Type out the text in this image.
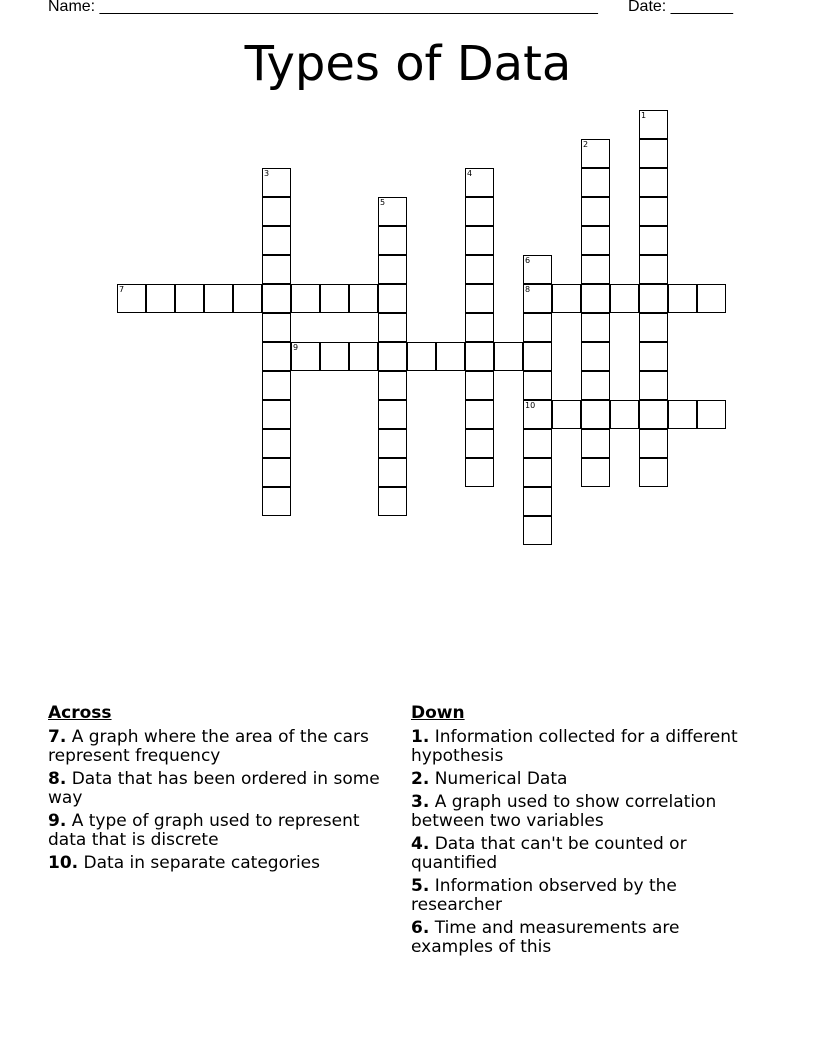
Name: ________________________________________________________ Date: _______
Types of Data
1
2
3	4
5
6
8
10
7
9
Across
7. A graph where the area of the cars represent frequency
8. Data that has been ordered in some way
9. A type of graph used to represent data that is discrete
10. Data in separate categories
Down
1. Information collected for a different hypothesis
2. Numerical Data
3. A graph used to show correlation between two variables
4. Data that can't be counted or quantified
5. Information observed by the researcher
6. Time and measurements are examples of this
